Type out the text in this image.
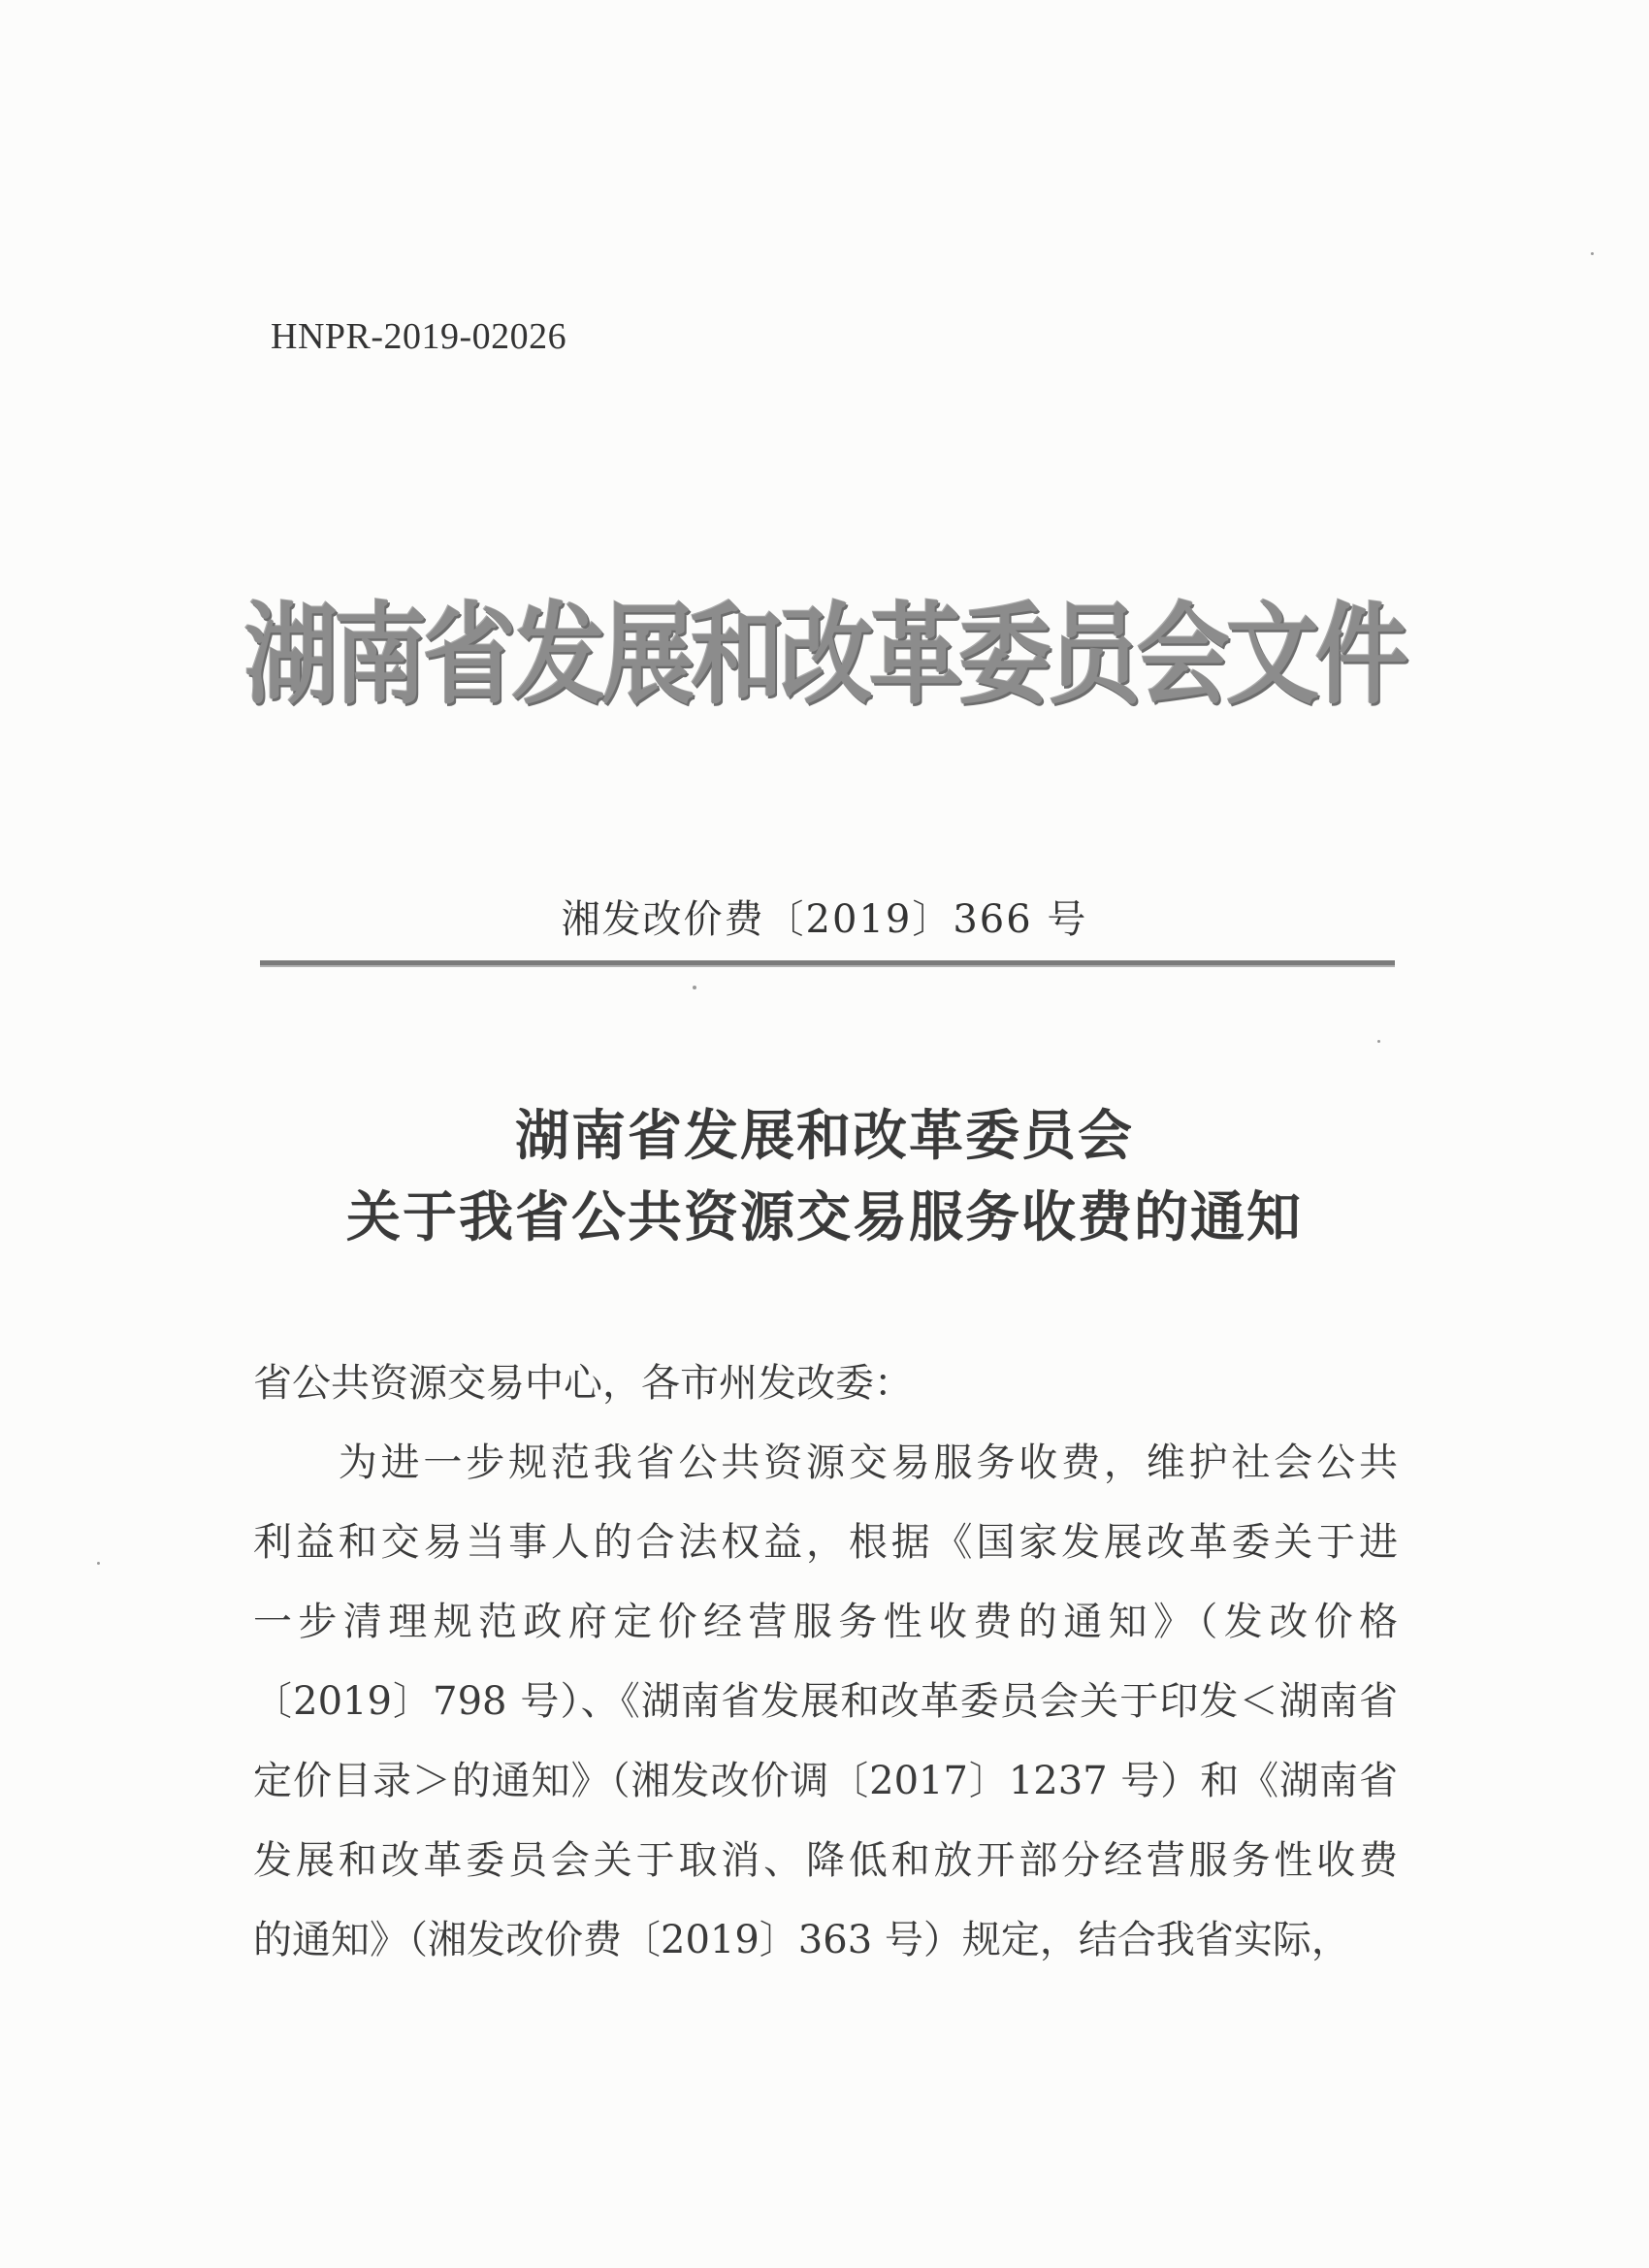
HNPR-2019-02026
湖南省发展和改革委员会文件
湘发改价费〔2019〕366 号
湖南省发展和改革委员会
关于我省公共资源交易服务收费的通知
省公共资源交易中心，各市州发改委：
　　为进一步规范我省公共资源交易服务收费，维护社会公共
利益和交易当事人的合法权益，根据《国家发展改革委关于进
一步清理规范政府定价经营服务性收费的通知》（发改价格
〔2019〕798 号）、《湖南省发展和改革委员会关于印发＜湖南省
定价目录＞的通知》（湘发改价调〔2017〕1237 号）和《湖南省
发展和改革委员会关于取消、降低和放开部分经营服务性收费
的通知》（湘发改价费〔2019〕363 号）规定，结合我省实际，
